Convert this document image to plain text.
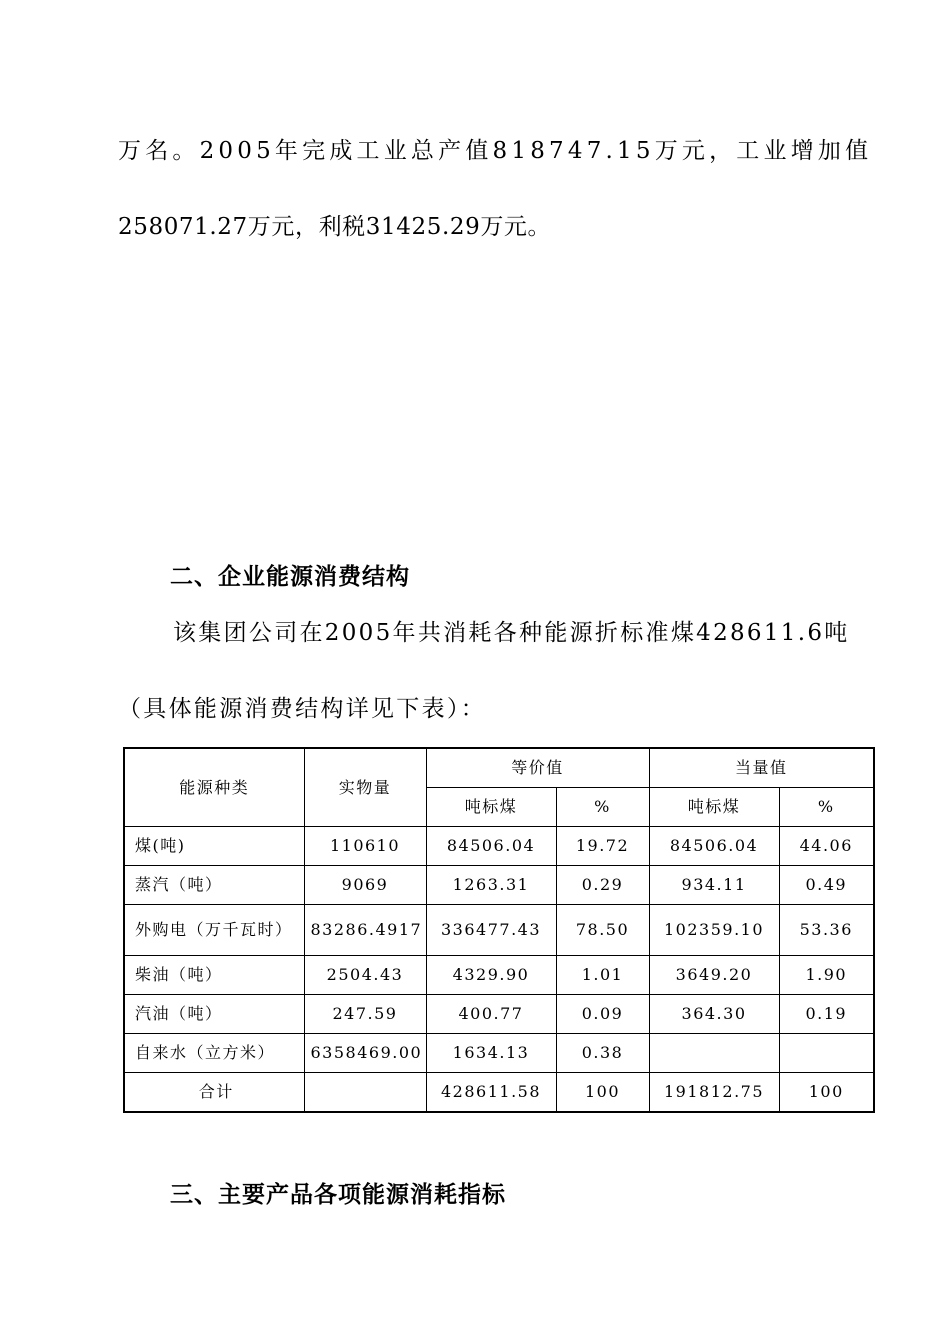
万名。2005年完成工业总产值818747.15万元，工业增加值
258071.27万元，利税31425.29万元。
二、企业能源消费结构
该集团公司在2005年共消耗各种能源折标准煤428611.6吨
（具体能源消费结构详见下表）：
能源种类	实物量	等价值		当量值	
		吨标煤	%	吨标煤	%
煤(吨)	110610	84506.04	19.72	84506.04	44.06
蒸汽（吨）	9069	1263.31	0.29	934.11	0.49
外购电（万千瓦时）	83286.4917	336477.43	78.50	102359.10	53.36
柴油（吨）	2504.43	4329.90	1.01	3649.20	1.90
汽油（吨）	247.59	400.77	0.09	364.30	0.19
自来水（立方米）	6358469.00	1634.13	0.38		
合计		428611.58	100	191812.75	100
三、主要产品各项能源消耗指标
